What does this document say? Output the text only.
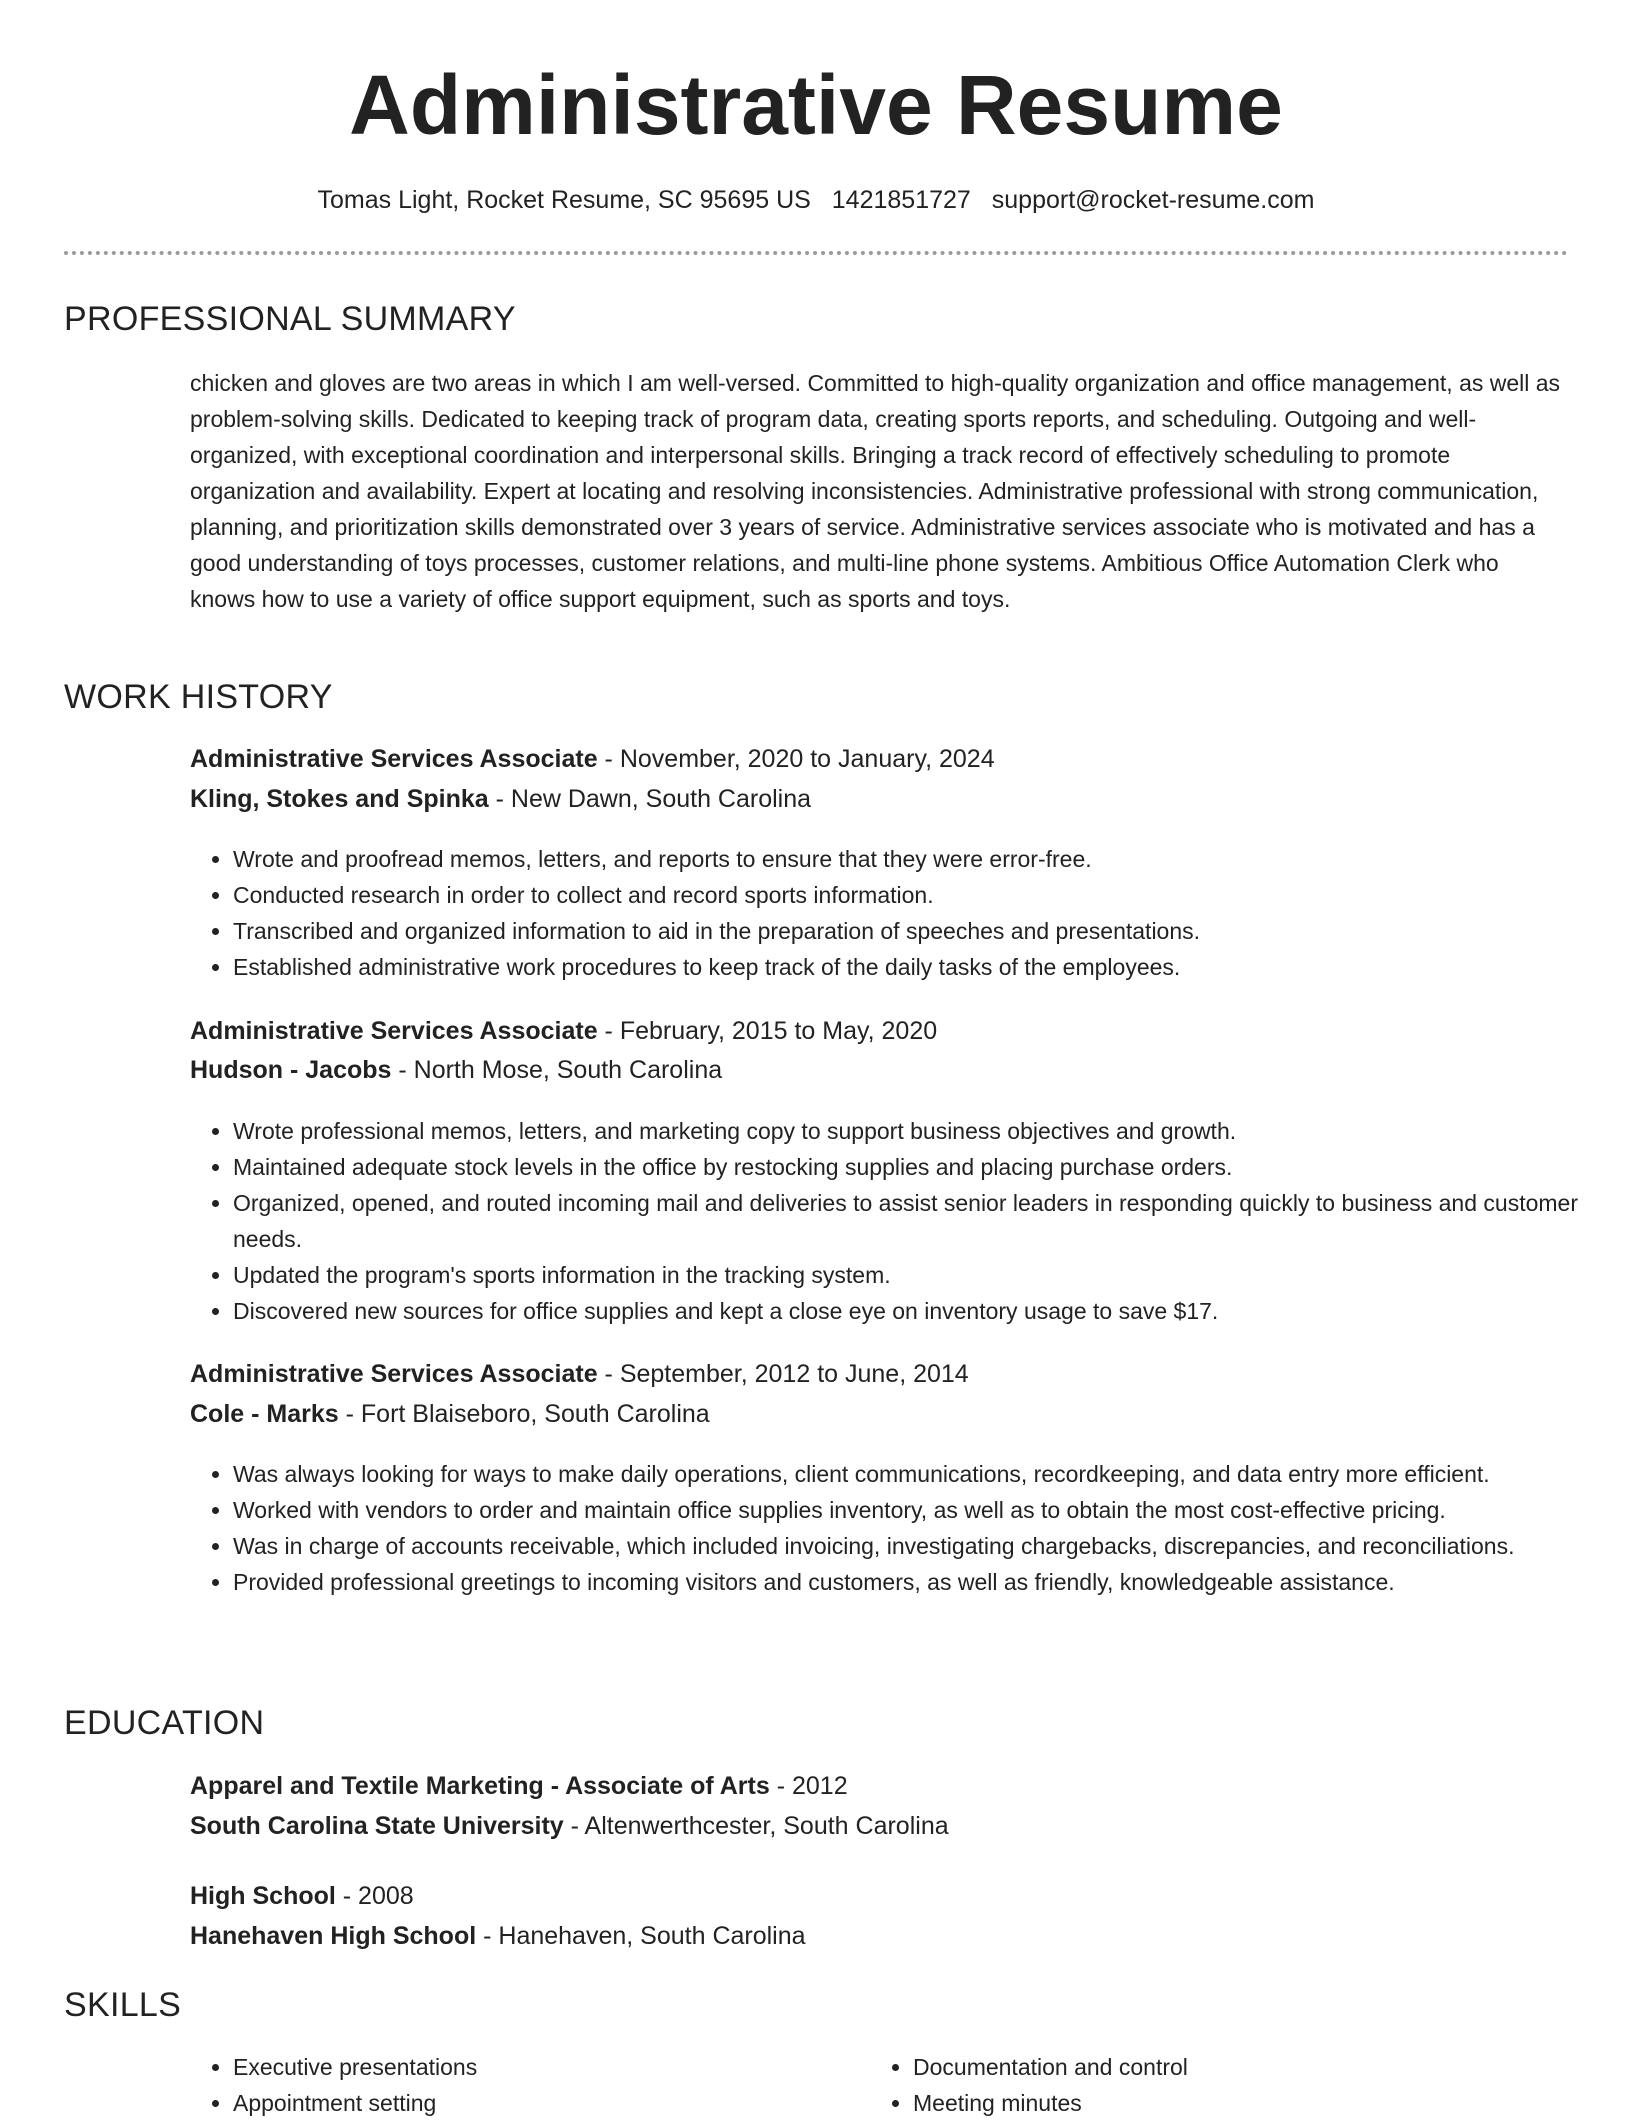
Administrative Resume
Tomas Light, Rocket Resume, SC 95695 US 1421851727 support@rocket-resume.com
PROFESSIONAL SUMMARY

chicken and gloves are two areas in which I am well-versed. Committed to high-quality organization and office management, as well as problem-solving skills. Dedicated to keeping track of program data, creating sports reports, and scheduling. Outgoing and well-organized, with exceptional coordination and interpersonal skills. Bringing a track record of effectively scheduling to promote organization and availability. Expert at locating and resolving inconsistencies. Administrative professional with strong communication, planning, and prioritization skills demonstrated over 3 years of service. Administrative services associate who is motivated and has a good understanding of toys processes, customer relations, and multi-line phone systems. Ambitious Office Automation Clerk who knows how to use a variety of office support equipment, such as sports and toys.

WORK HISTORY
Administrative Services Associate - November, 2020 to January, 2024
Kling, Stokes and Spinka - New Dawn, South Carolina
• Wrote and proofread memos, letters, and reports to ensure that they were error-free.
• Conducted research in order to collect and record sports information.
• Transcribed and organized information to aid in the preparation of speeches and presentations.
• Established administrative work procedures to keep track of the daily tasks of the employees.
Administrative Services Associate - February, 2015 to May, 2020
Hudson - Jacobs - North Mose, South Carolina
• Wrote professional memos, letters, and marketing copy to support business objectives and growth.
• Maintained adequate stock levels in the office by restocking supplies and placing purchase orders.
• Organized, opened, and routed incoming mail and deliveries to assist senior leaders in responding quickly to business and customer needs.
• Updated the program's sports information in the tracking system.
• Discovered new sources for office supplies and kept a close eye on inventory usage to save $17.
Administrative Services Associate - September, 2012 to June, 2014
Cole - Marks - Fort Blaiseboro, South Carolina
• Was always looking for ways to make daily operations, client communications, recordkeeping, and data entry more efficient.
• Worked with vendors to order and maintain office supplies inventory, as well as to obtain the most cost-effective pricing.
• Was in charge of accounts receivable, which included invoicing, investigating chargebacks, discrepancies, and reconciliations.
• Provided professional greetings to incoming visitors and customers, as well as friendly, knowledgeable assistance.
EDUCATION
Apparel and Textile Marketing - Associate of Arts - 2012
South Carolina State University - Altenwerthcester, South Carolina
High School - 2008
Hanehaven High School - Hanehaven, South Carolina
SKILLS
• Executive presentations
• Appointment setting
• Documentation and control
• Meeting minutes
